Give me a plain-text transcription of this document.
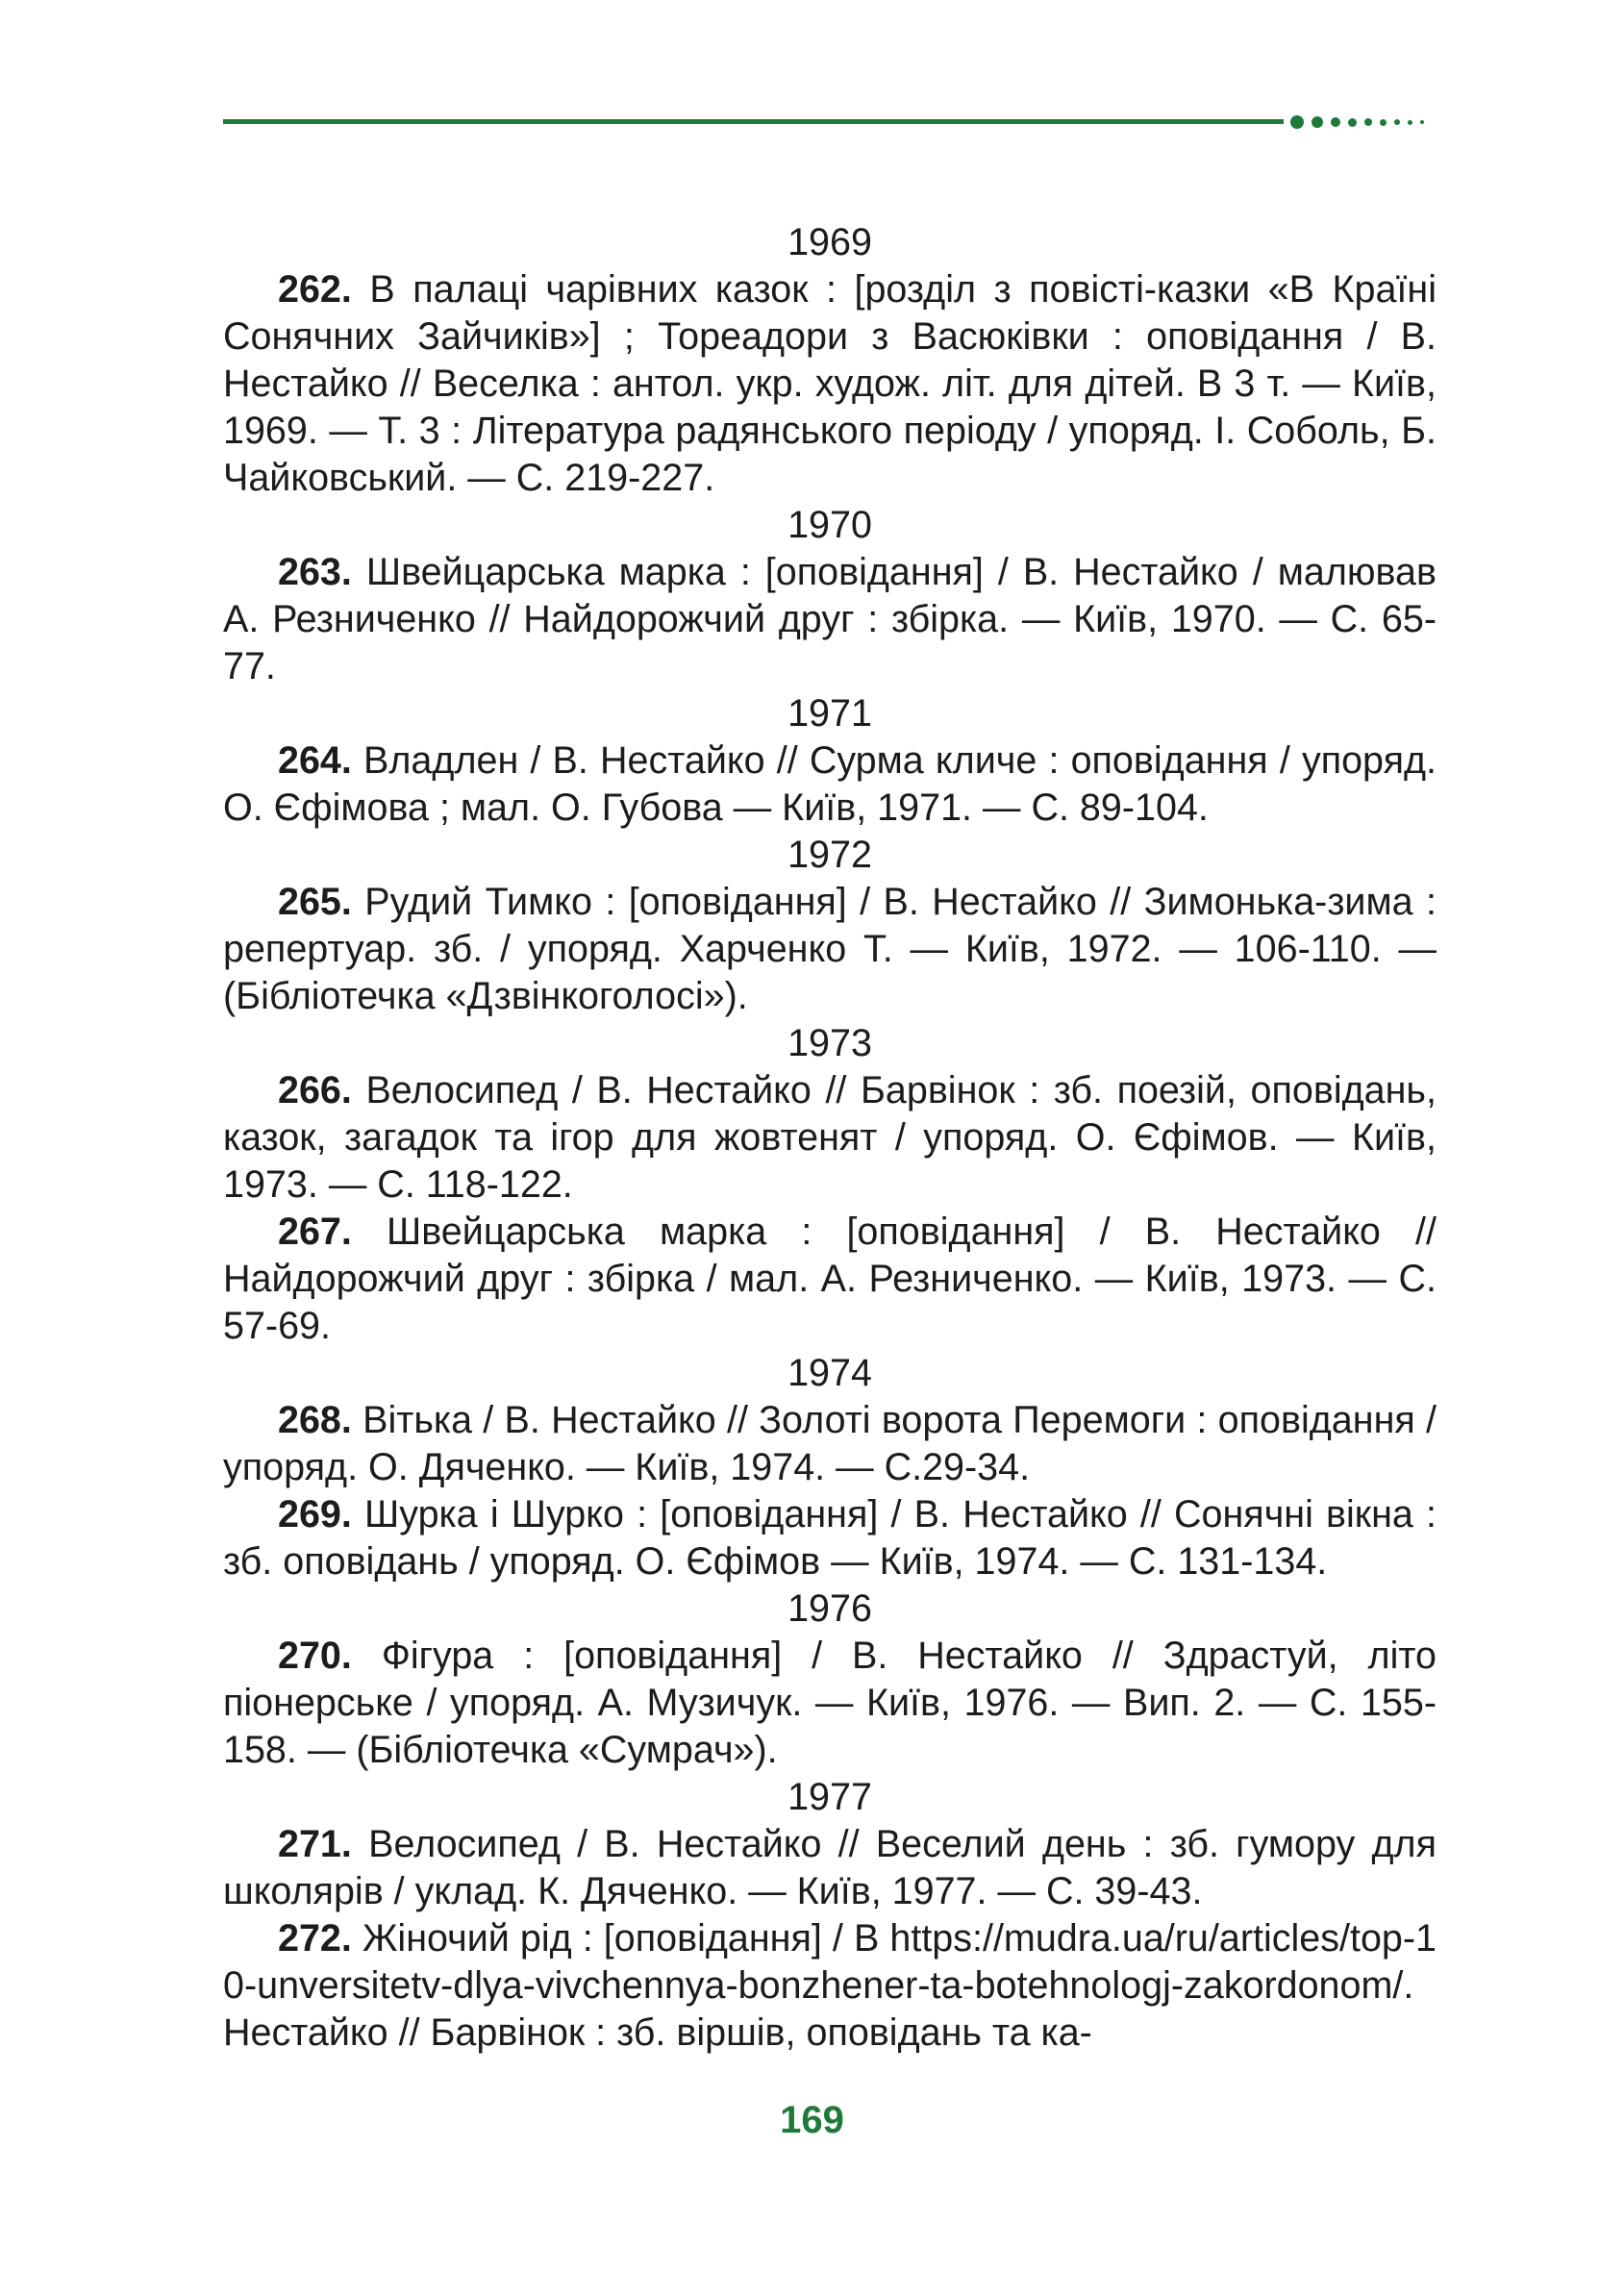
1969

262. В палаці чарівних казок : [розділ з повісті-казки «В Країні Сонячних Зайчиків»] ; Тореадори з Васюківки : оповідання / В. Нестайко // Веселка : антол. укр. худож. літ. для дітей. В 3 т. — Київ, 1969. — Т. 3 : Література радянського періоду / упоряд. І. Соболь, Б. Чайковський. — С. 219-227.

1970

263. Швейцарська марка : [оповідання] / В. Нестайко / малював А. Резниченко // Найдорожчий друг : збірка. — Київ, 1970. — С. 65-77.

1971

264. Владлен / В. Нестайко // Сурма кличе : оповідання / упоряд. О. Єфімова ; мал. О. Губова — Київ, 1971. — С. 89-104.

1972

265. Рудий Тимко : [оповідання] / В. Нестайко // Зимонька-зима : репертуар. зб. / упоряд. Харченко Т. — Київ, 1972. — 106-110. — (Бібліотечка «Дзвінкоголосі»).

1973

266. Велосипед / В. Нестайко // Барвінок : зб. поезій, оповідань, казок, загадок та ігор для жовтенят / упоряд. О. Єфімов. — Київ, 1973. — С. 118-122.

267. Швейцарська марка : [оповідання] / В. Нестайко // Найдорожчий друг : збірка / мал. А. Резниченко. — Київ, 1973. — С. 57-69.

1974

268. Вітька / В. Нестайко // Золоті ворота Перемоги : оповідання / упоряд. О. Дяченко. — Київ, 1974. — С.29-34.

269. Шурка і Шурко : [оповідання] / В. Нестайко // Сонячні вікна : зб. оповідань / упоряд. О. Єфімов — Київ, 1974. — С. 131-134.

1976

270. Фігура : [оповідання] / В. Нестайко // Здрастуй, літо піонерське / упоряд. А. Музичук. — Київ, 1976. — Вип. 2. — С. 155-158. — (Бібліотечка «Сумрач»).

1977

271. Велосипед / В. Нестайко // Веселий день : зб. гумору для школярів / уклад. К. Дяченко. — Київ, 1977. — С. 39-43.

272. Жіночий рід : [оповідання] / В https://mudra.ua/ru/articles/top-10-unversitetv-dlya-vivchennya-bonzhener-ta-botehnologj-zakordonom/. Нестайко // Барвінок : зб. віршів, оповідань та ка-

169
